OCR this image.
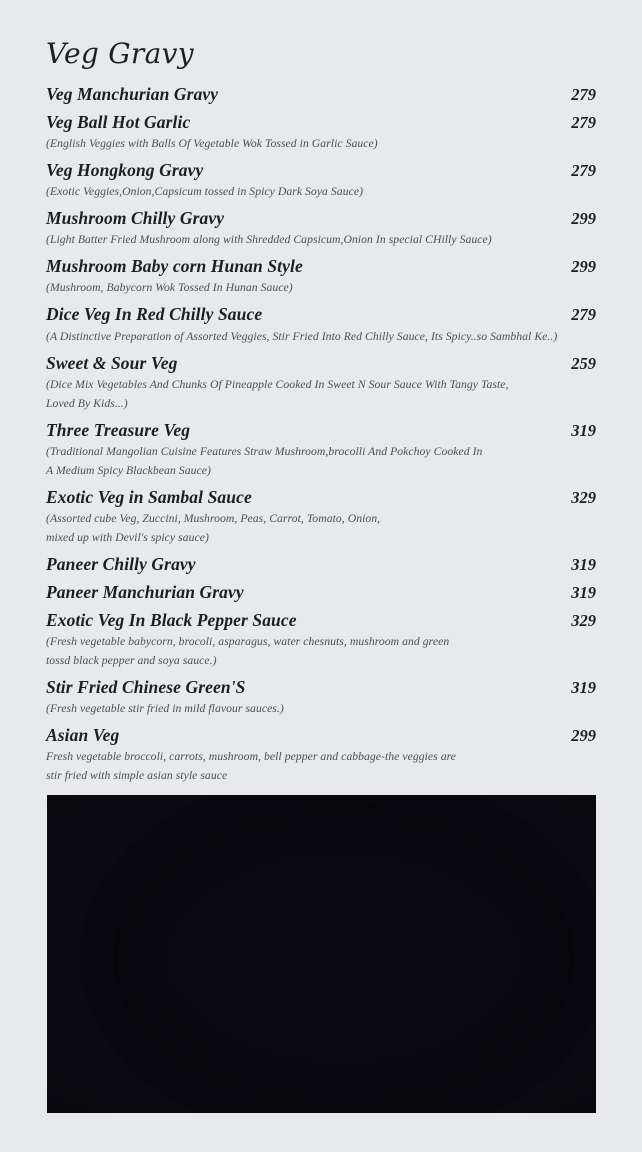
Veg Gravy
Veg Manchurian Gravy	279
Veg Ball Hot Garlic	279
(English Veggies with Balls Of Vegetable Wok Tossed in Garlic Sauce)
Veg Hongkong Gravy	279
(Exotic Veggies,Onion,Capsicum tossed in Spicy Dark Soya Sauce)
Mushroom Chilly Gravy	299
(Light Batter Fried Mushroom along with Shredded Capsicum,Onion In special CHilly Sauce)
Mushroom Baby corn Hunan Style	299
(Mushroom, Babycorn Wok Tossed In Hunan Sauce)
Dice Veg In Red Chilly Sauce	279
(A Distinctive Preparation of Assorted Veggies, Stir Fried Into Red Chilly Sauce, Its Spicy..so Sambhal Ke..)
Sweet & Sour Veg	259
(Dice Mix Vegetables And Chunks Of Pineapple Cooked In Sweet N Sour Sauce With Tangy Taste,
Loved By Kids...)
Three Treasure Veg	319
(Traditional Mangolian Cuisine Features Straw Mushroom,brocolli And Pokchoy Cooked In
A Medium Spicy Blackbean Sauce)
Exotic Veg in Sambal Sauce	329
(Assorted cube Veg, Zuccini, Mushroom, Peas, Carrot, Tomato, Onion,
mixed up with Devil's spicy sauce)
Paneer Chilly Gravy	319
Paneer Manchurian Gravy	319
Exotic Veg In Black Pepper Sauce	329
(Fresh vegetable babycorn, brocoli, asparagus, water chesnuts, mushroom and green
tossd black pepper and soya sauce.)
Stir Fried Chinese Green'S	319
(Fresh vegetable stir fried in mild flavour sauces.)
Asian Veg	299
Fresh vegetable broccoli, carrots, mushroom, bell pepper and cabbage-the veggies are
stir fried with simple asian style sauce
